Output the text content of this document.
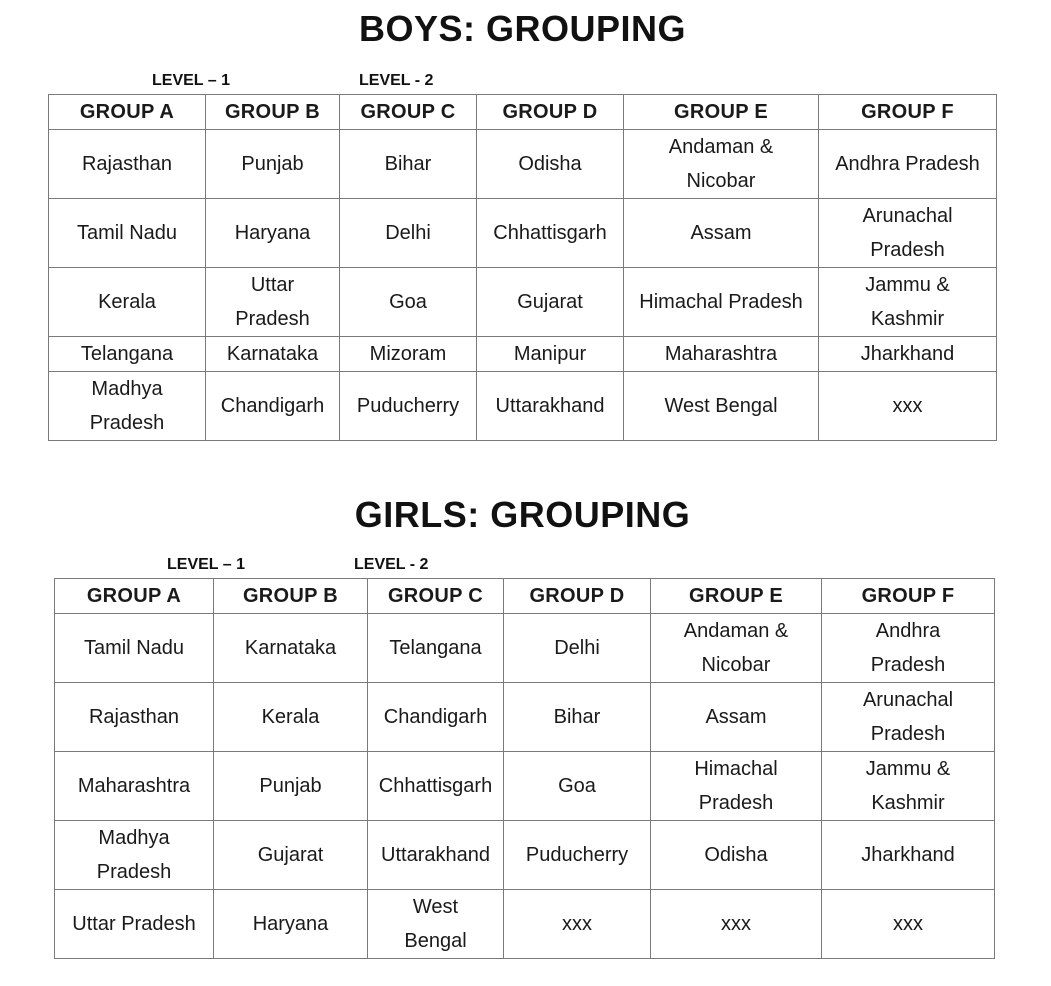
BOYS: GROUPING
LEVEL – 1	LEVEL - 2
GROUP A	GROUP B	GROUP C	GROUP D	GROUP E	GROUP F
Rajasthan	Punjab	Bihar	Odisha	Andaman & Nicobar	Andhra Pradesh
Tamil Nadu	Haryana	Delhi	Chhattisgarh	Assam	Arunachal Pradesh
Kerala	Uttar Pradesh	Goa	Gujarat	Himachal Pradesh	Jammu & Kashmir
Telangana	Karnataka	Mizoram	Manipur	Maharashtra	Jharkhand
Madhya Pradesh	Chandigarh	Puducherry	Uttarakhand	West Bengal	xxx
GIRLS: GROUPING
LEVEL – 1	LEVEL - 2
GROUP A	GROUP B	GROUP C	GROUP D	GROUP E	GROUP F
Tamil Nadu	Karnataka	Telangana	Delhi	Andaman & Nicobar	Andhra Pradesh
Rajasthan	Kerala	Chandigarh	Bihar	Assam	Arunachal Pradesh
Maharashtra	Punjab	Chhattisgarh	Goa	Himachal Pradesh	Jammu & Kashmir
Madhya Pradesh	Gujarat	Uttarakhand	Puducherry	Odisha	Jharkhand
Uttar Pradesh	Haryana	West Bengal	xxx	xxx	xxx
